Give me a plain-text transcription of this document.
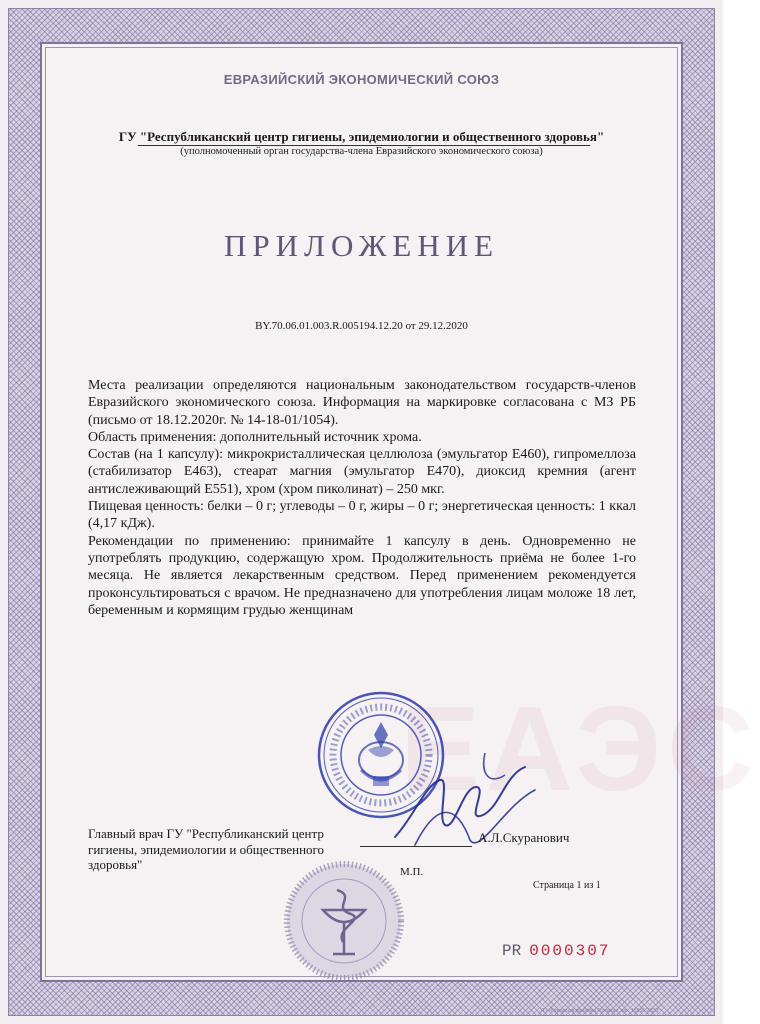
ЕАЭС
ЕВРАЗИЙСКИЙ ЭКОНОМИЧЕСКИЙ СОЮЗ
ГУ "Республиканский центр гигиены, эпидемиологии и общественного здоровья"
(уполномоченный орган государства-члена Евразийского экономического союза)
ПРИЛОЖЕНИЕ
BY.70.06.01.003.R.005194.12.20 от 29.12.2020

Места реализации определяются национальным законодательством государств-членов Евразийского экономического союза. Информация на маркировке согласована с МЗ РБ (письмо от 18.12.2020г. № 14-18-01/1054).

Область применения: дополнительный источник хрома.

Состав (на 1 капсулу): микрокристаллическая целлюлоза (эмульгатор Е460), гипромеллоза (стабилизатор Е463), стеарат магния (эмульгатор Е470), диоксид кремния (агент антислеживающий Е551), хром (хром пиколинат) – 250 мкг.

Пищевая ценность: белки – 0 г; углеводы – 0 г, жиры – 0 г; энергетическая ценность: 1 ккал (4,17 кДж).

Рекомендации по применению: принимайте 1 капсулу в день. Одновременно не употреблять продукцию, содержащую хром. Продолжительность приёма не более 1-го месяца. Не является лекарственным средством. Перед применением рекомендуется проконсультироваться с врачом. Не предназначено для употребления лицам моложе 18 лет, беременным и кормящим грудью женщинам

Главный врач ГУ "Республиканский центр гигиены, эпидемиологии и общественного здоровья"
А.Л.Скуранович
М.П.
Страница 1 из 1
PR 0000307
УП «Бумажная фабрика Гознака», зак. 15056-2020
